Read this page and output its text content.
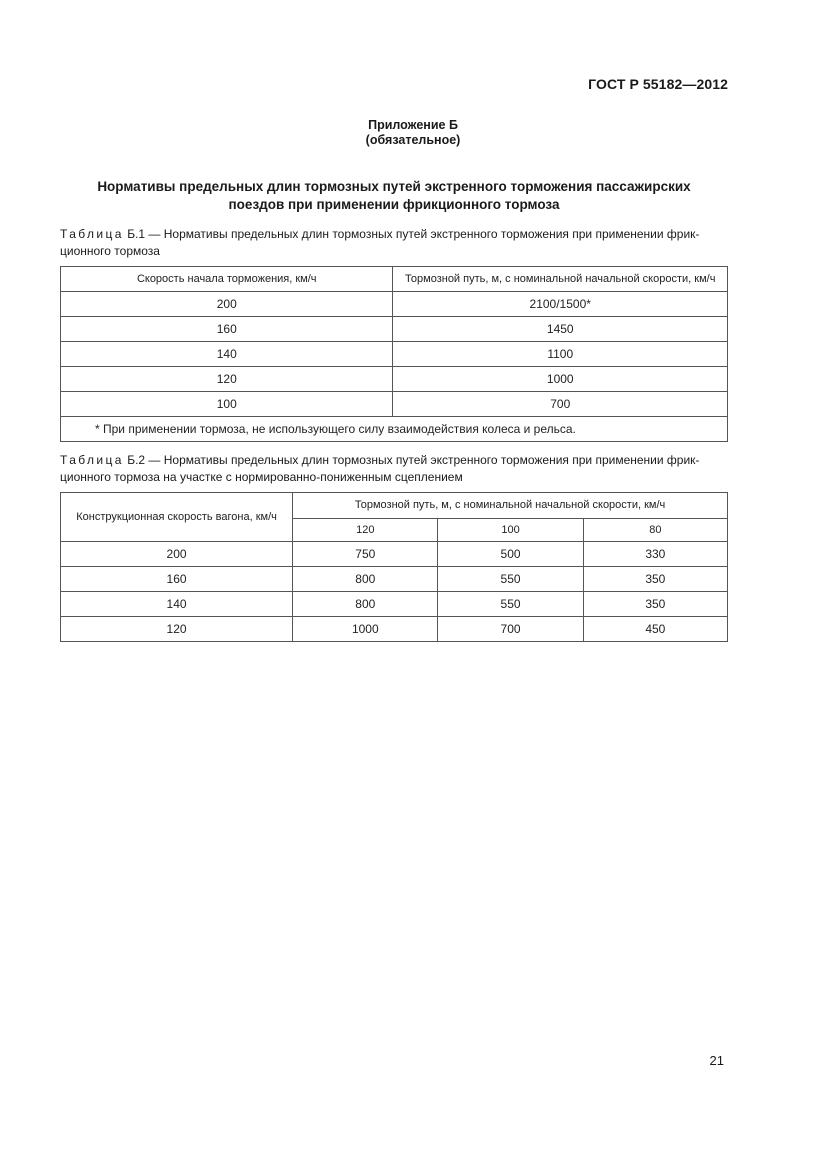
ГОСТ Р 55182—2012
Приложение Б
(обязательное)
Нормативы предельных длин тормозных путей экстренного торможения пассажирских
поездов при применении фрикционного тормоза
Таблица Б.1 — Нормативы предельных длин тормозных путей экстренного торможения при применении фрик-
ционного тормоза
Скорость начала торможения, км/ч	Тормозной путь, м, с номинальной начальной скорости, км/ч
200	2100/1500*
160	1450
140	1100
120	1000
100	700
* При применении тормоза, не использующего силу взаимодействия колеса и рельса.	
Таблица Б.2 — Нормативы предельных длин тормозных путей экстренного торможения при применении фрик-
ционного тормоза на участке с нормированно-пониженным сцеплением
Конструкционная скорость вагона, км/ч	Тормозной путь, м, с номинальной начальной скорости, км/ч		
	120	100	80
200	750	500	330
160	800	550	350
140	800	550	350
120	1000	700	450
21
